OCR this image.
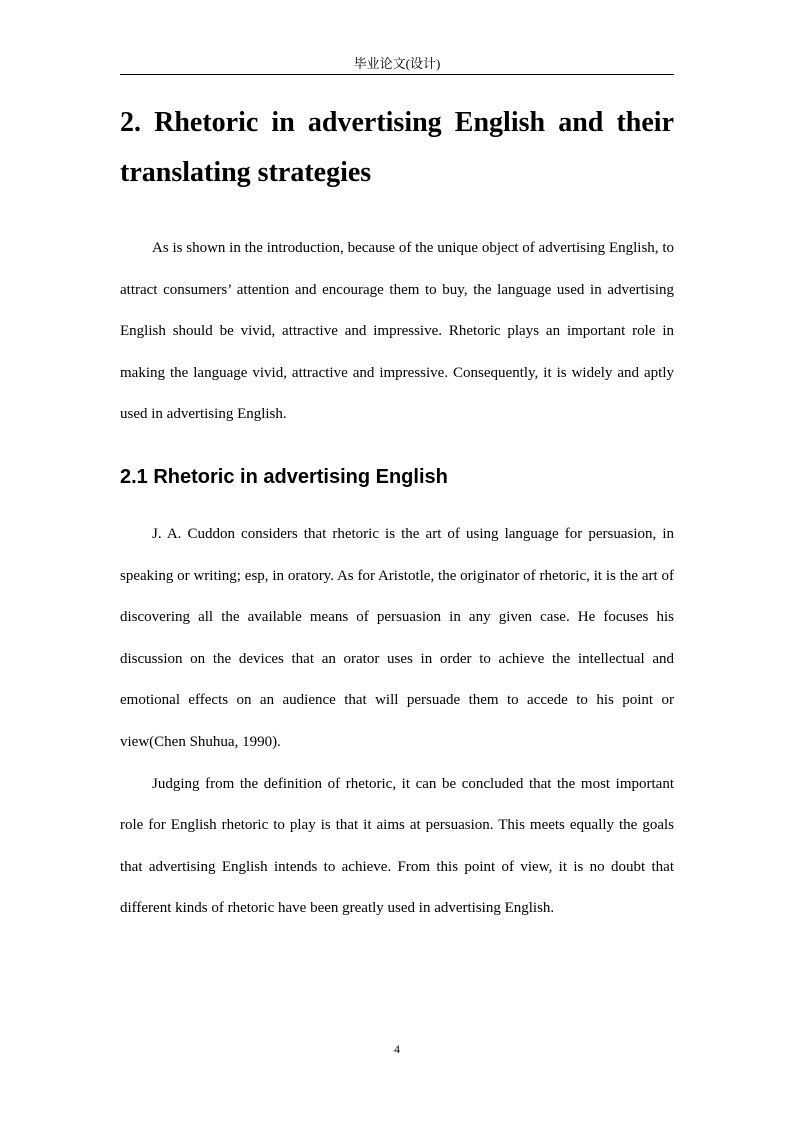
毕业论文(设计)
2. Rhetoric in advertising English and their translating strategies

As is shown in the introduction, because of the unique object of advertising English, to attract consumers’ attention and encourage them to buy, the language used in advertising English should be vivid, attractive and impressive. Rhetoric plays an important role in making the language vivid, attractive and impressive. Consequently, it is widely and aptly used in advertising English.

2.1 Rhetoric in advertising English

J. A. Cuddon considers that rhetoric is the art of using language for persuasion, in speaking or writing; esp, in oratory. As for Aristotle, the originator of rhetoric, it is the art of discovering all the available means of persuasion in any given case. He focuses his discussion on the devices that an orator uses in order to achieve the intellectual and emotional effects on an audience that will persuade them to accede to his point or view(Chen Shuhua, 1990).

Judging from the definition of rhetoric, it can be concluded that the most important role for English rhetoric to play is that it aims at persuasion. This meets equally the goals that advertising English intends to achieve. From this point of view, it is no doubt that different kinds of rhetoric have been greatly used in advertising English.

4
